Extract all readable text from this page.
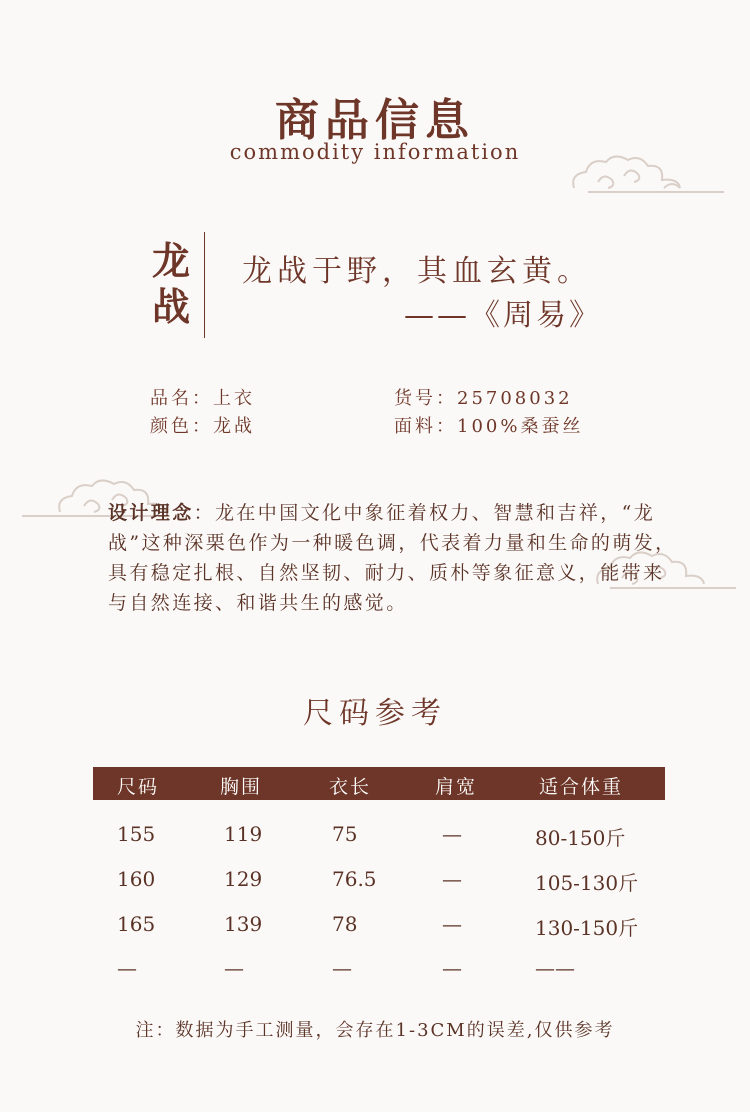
商品信息
commodity information
龙
战
龙战于野，其血玄黄。
——《周易》
品名：上衣
颜色：龙战
货号：25708032
面料：100%桑蚕丝
设计理念：龙在中国文化中象征着权力、智慧和吉祥，“龙战”这种深栗色作为一种暖色调，代表着力量和生命的萌发，具有稳定扎根、自然坚韧、耐力、质朴等象征意义，能带来与自然连接、和谐共生的感觉。
尺码参考
尺码	胸围	衣长	肩宽	适合体重
155	119	75	—	80-150斤
160	129	76.5	—	105-130斤
165	139	78	—	130-150斤
—	—	—	—	——
注：数据为手工测量，会存在1-3CM的误差,仅供参考
